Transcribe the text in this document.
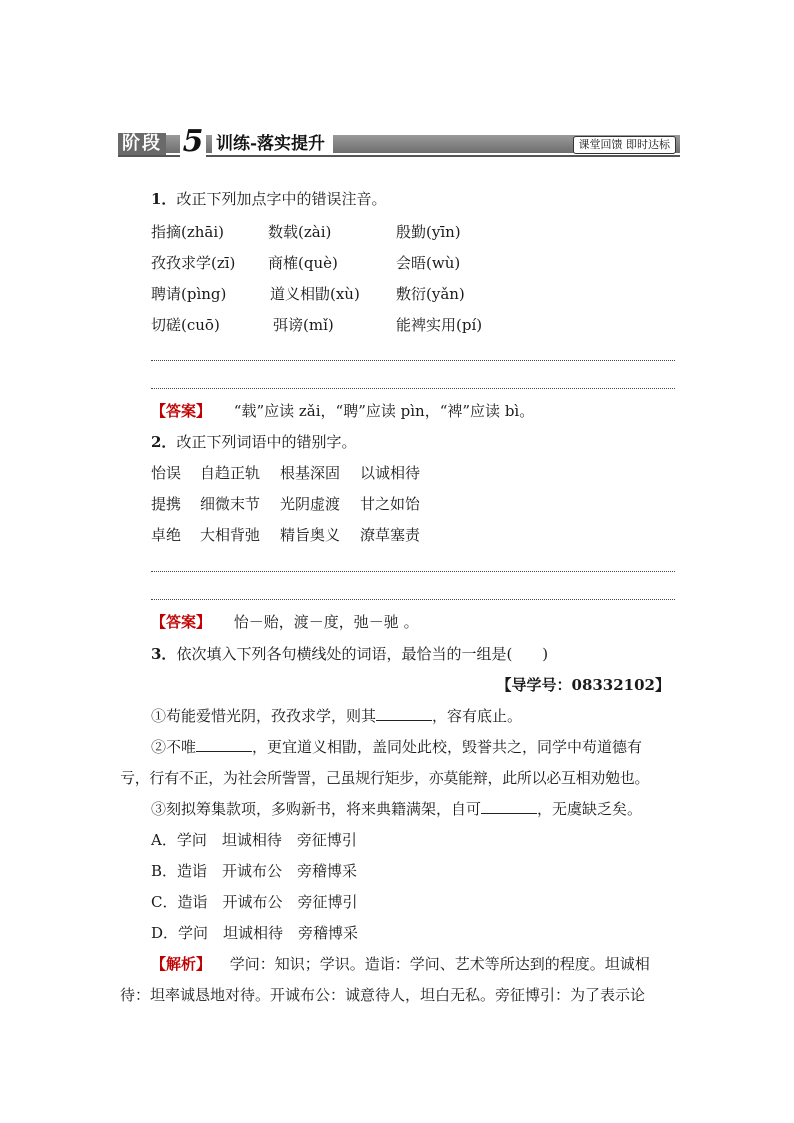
阶段 5 训练-落实提升	课堂回馈 即时达标
1．改正下列加点字中的错误注音。
指摘(zhāi)	数载(zài)	殷勤(yīn)
孜孜求学(zī) 商榷(què)	会晤(wù)
聘请(pìng)	道义相勖(xù) 敷衍(yǎn)
切磋(cuō)	弭谤(mǐ)	能裨实用(pí)
【答案】 “载”应读 zǎi，“聘”应读 pìn，“裨”应读 bì。
2．改正下列词语中的错别字。
怡误 自趋正轨 根基深固 以诚相待
提携 细微末节 光阴虚渡 甘之如饴
卓绝 大相背弛 精旨奥义 潦草塞责
【答案】 怡－贻，渡－度，弛－驰 。
3．依次填入下列各句横线处的词语，最恰当的一组是( )
【导学号：08332102】
①苟能爱惜光阴，孜孜求学，则其	，容有底止。
②不唯	，更宜道义相勖，盖同处此校，毁誉共之，同学中苟道德有
亏，行有不正，为社会所訾詈，己虽规行矩步，亦莫能辩，此所以必互相劝勉也。
③刻拟筹集款项，多购新书，将来典籍满架，自可	，无虞缺乏矣。
A．学问　坦诚相待　旁征博引
B．造诣　开诚布公　旁稽博采
C．造诣　开诚布公　旁征博引
D．学问　坦诚相待　旁稽博采
【解析】 学问：知识；学识。造诣：学问、艺术等所达到的程度。坦诚相
待：坦率诚恳地对待。开诚布公：诚意待人，坦白无私。旁征博引：为了表示论
